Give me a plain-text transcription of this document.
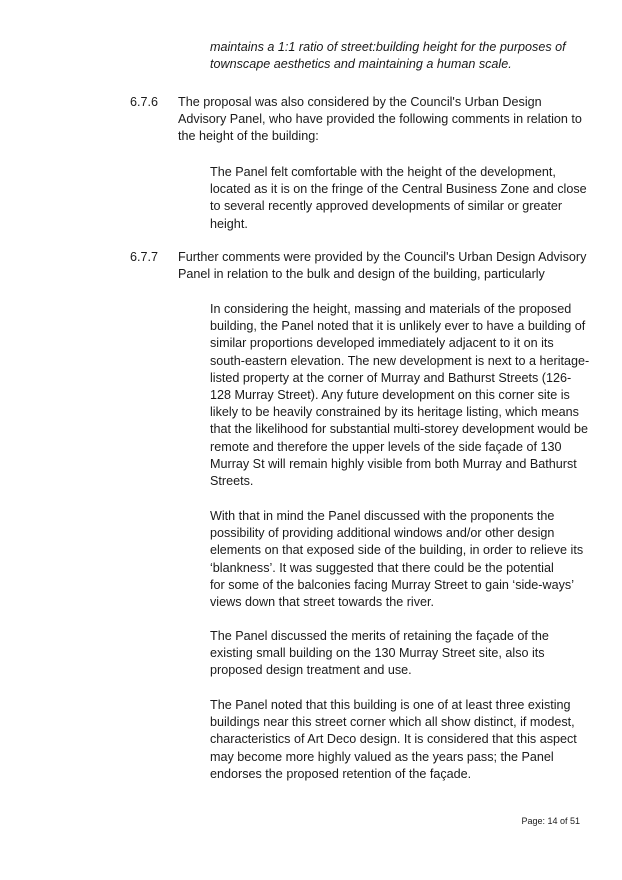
maintains a 1:1 ratio of street:building height for the purposes of
townscape aesthetics and maintaining a human scale.
6.7.6 The proposal was also considered by the Council's Urban Design
Advisory Panel, who have provided the following comments in relation to
the height of the building:
The Panel felt comfortable with the height of the development,
located as it is on the fringe of the Central Business Zone and close
to several recently approved developments of similar or greater
height.
6.7.7 Further comments were provided by the Council's Urban Design Advisory
Panel in relation to the bulk and design of the building, particularly
In considering the height, massing and materials of the proposed
building, the Panel noted that it is unlikely ever to have a building of
similar proportions developed immediately adjacent to it on its
south-eastern elevation. The new development is next to a heritage-
listed property at the corner of Murray and Bathurst Streets (126-
128 Murray Street). Any future development on this corner site is
likely to be heavily constrained by its heritage listing, which means
that the likelihood for substantial multi-storey development would be
remote and therefore the upper levels of the side façade of 130
Murray St will remain highly visible from both Murray and Bathurst
Streets.
With that in mind the Panel discussed with the proponents the
possibility of providing additional windows and/or other design
elements on that exposed side of the building, in order to relieve its
‘blankness’. It was suggested that there could be the potential
for some of the balconies facing Murray Street to gain ‘side-ways’
views down that street towards the river.
The Panel discussed the merits of retaining the façade of the
existing small building on the 130 Murray Street site, also its
proposed design treatment and use.
The Panel noted that this building is one of at least three existing
buildings near this street corner which all show distinct, if modest,
characteristics of Art Deco design. It is considered that this aspect
may become more highly valued as the years pass; the Panel
endorses the proposed retention of the façade.
Page: 14 of 51
